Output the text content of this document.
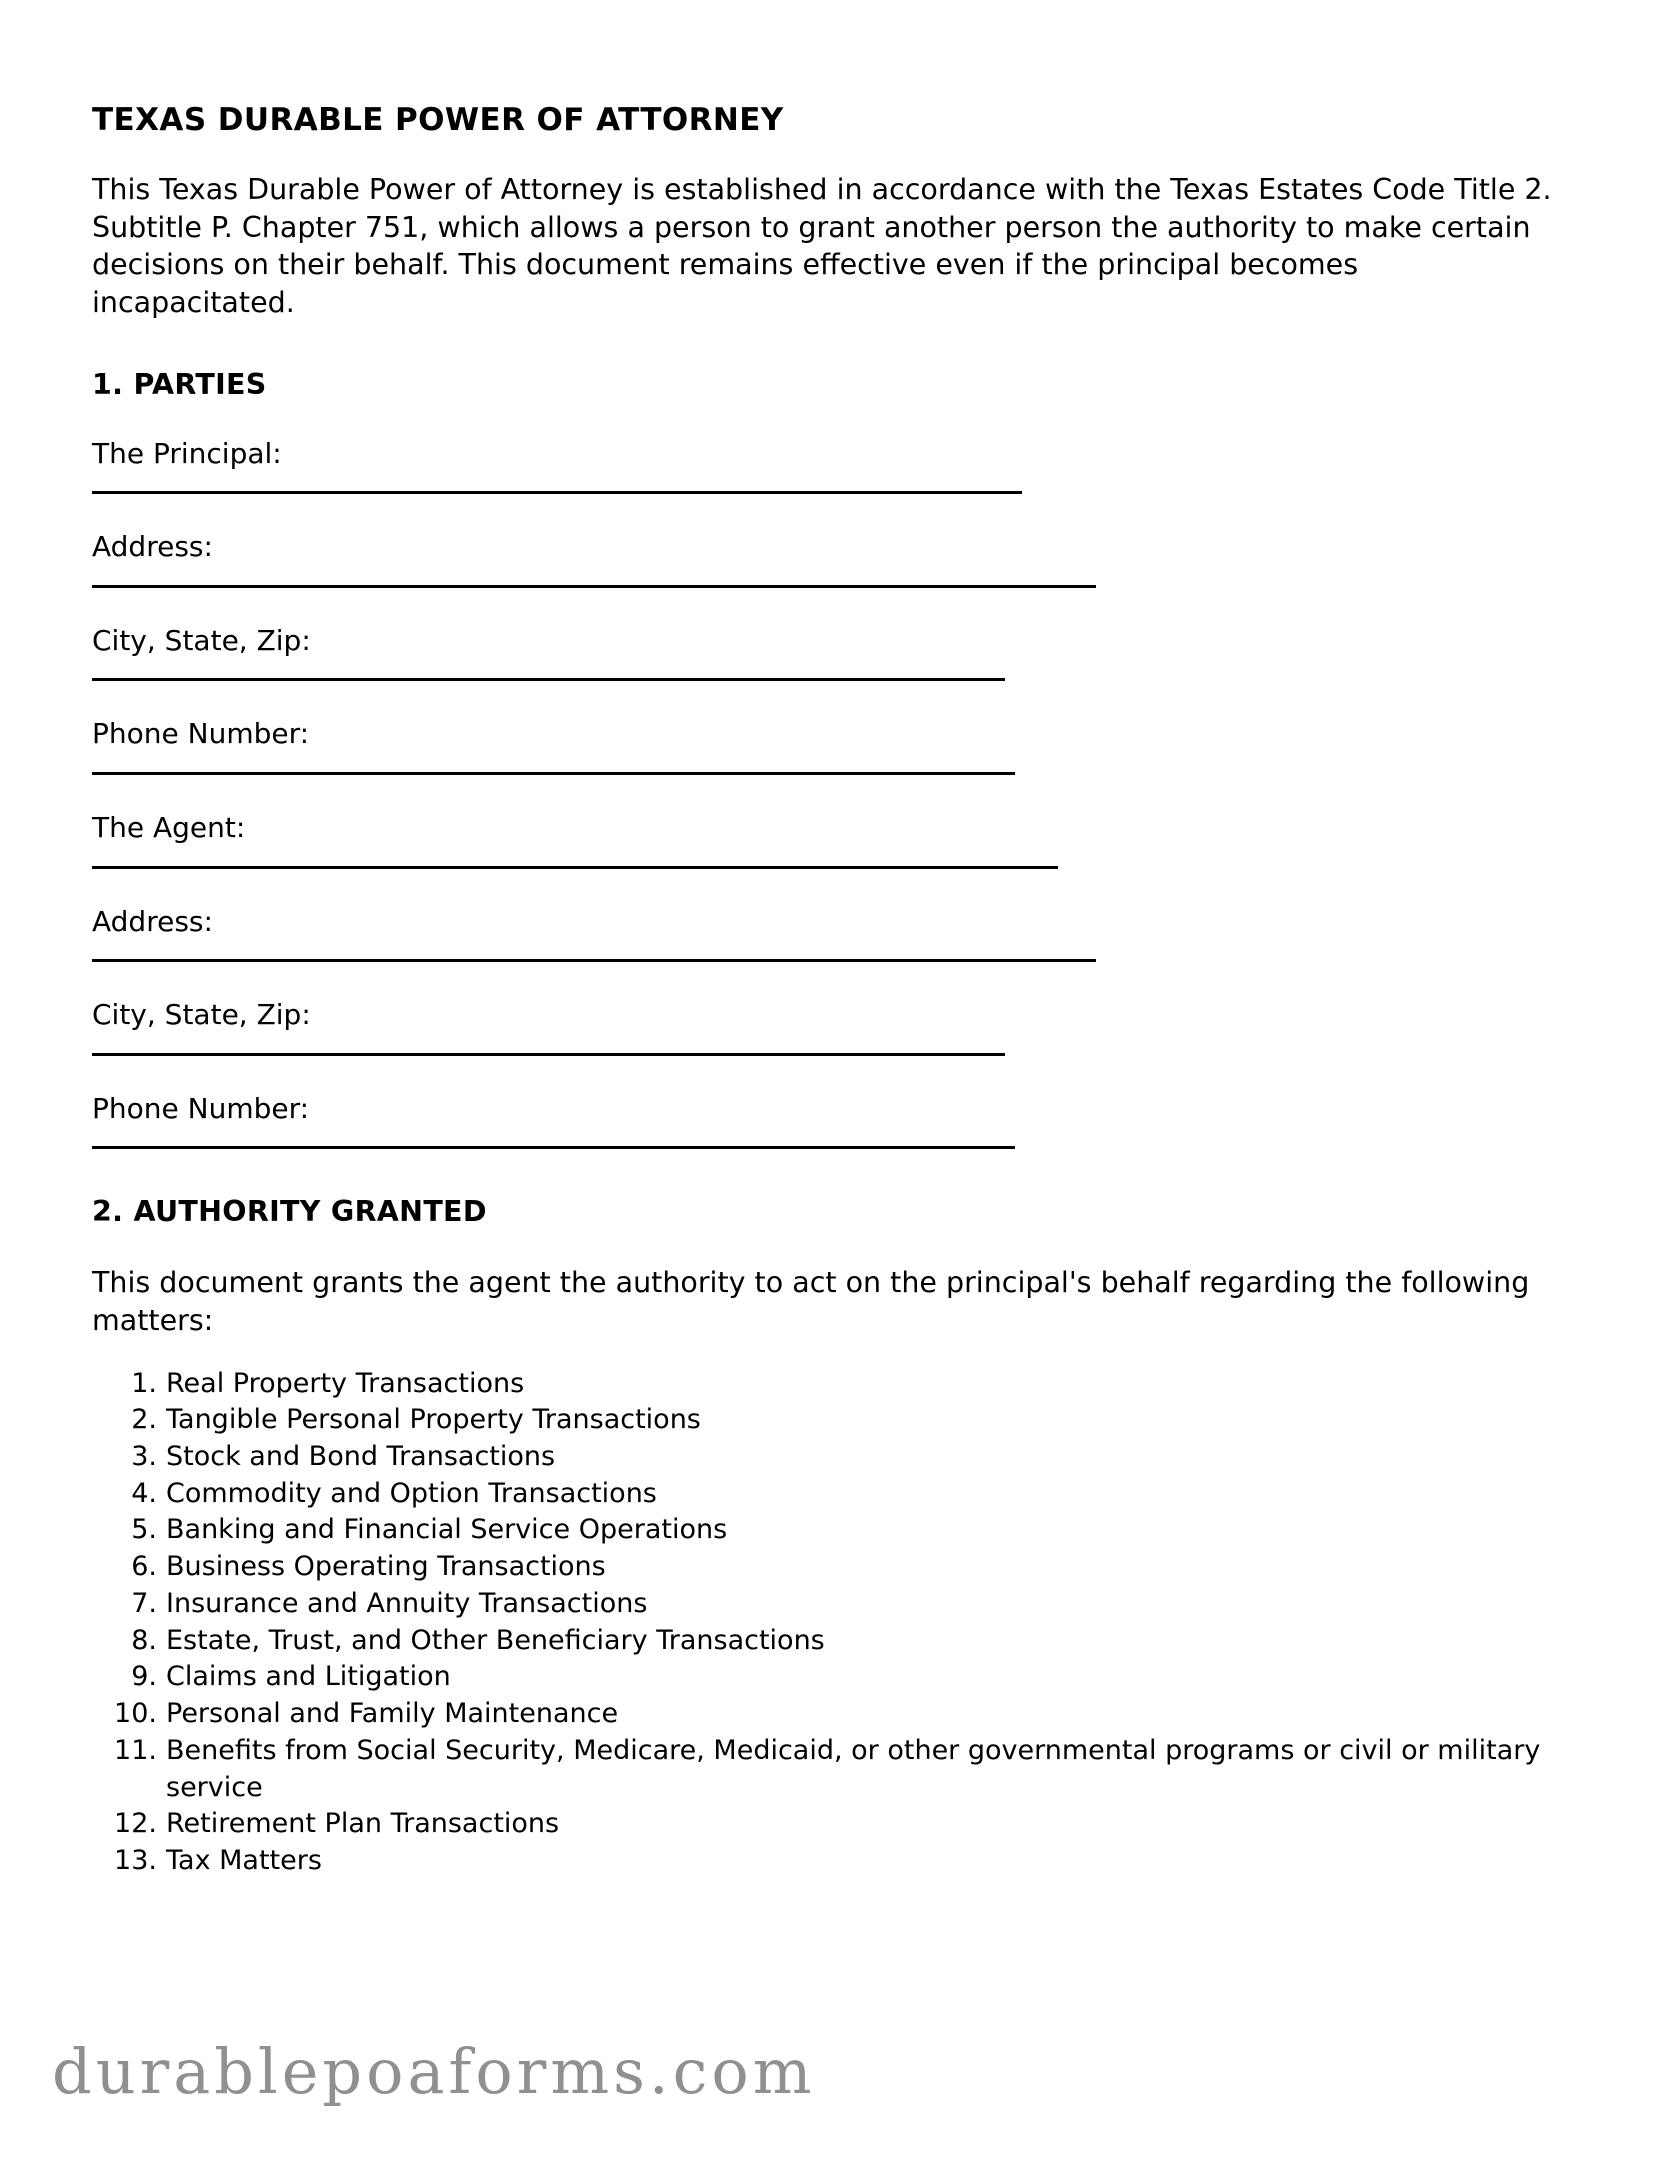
TEXAS DURABLE POWER OF ATTORNEY

This Texas Durable Power of Attorney is established in accordance with the Texas Estates Code Title 2. Subtitle P. Chapter 751, which allows a person to grant another person the authority to make certain decisions on their behalf. This document remains effective even if the principal becomes incapacitated.

1. PARTIES
The Principal:
Address:
City, State, Zip:
Phone Number:
The Agent:
Address:
City, State, Zip:
Phone Number:
2. AUTHORITY GRANTED

This document grants the agent the authority to act on the principal's behalf regarding the following matters:

1. Real Property Transactions
2. Tangible Personal Property Transactions
3. Stock and Bond Transactions
4. Commodity and Option Transactions
5. Banking and Financial Service Operations
6. Business Operating Transactions
7. Insurance and Annuity Transactions
8. Estate, Trust, and Other Beneficiary Transactions
9. Claims and Litigation
10. Personal and Family Maintenance
11. Benefits from Social Security, Medicare, Medicaid, or other governmental programs or civil or military service
12. Retirement Plan Transactions
13. Tax Matters
durablepoaforms.com
